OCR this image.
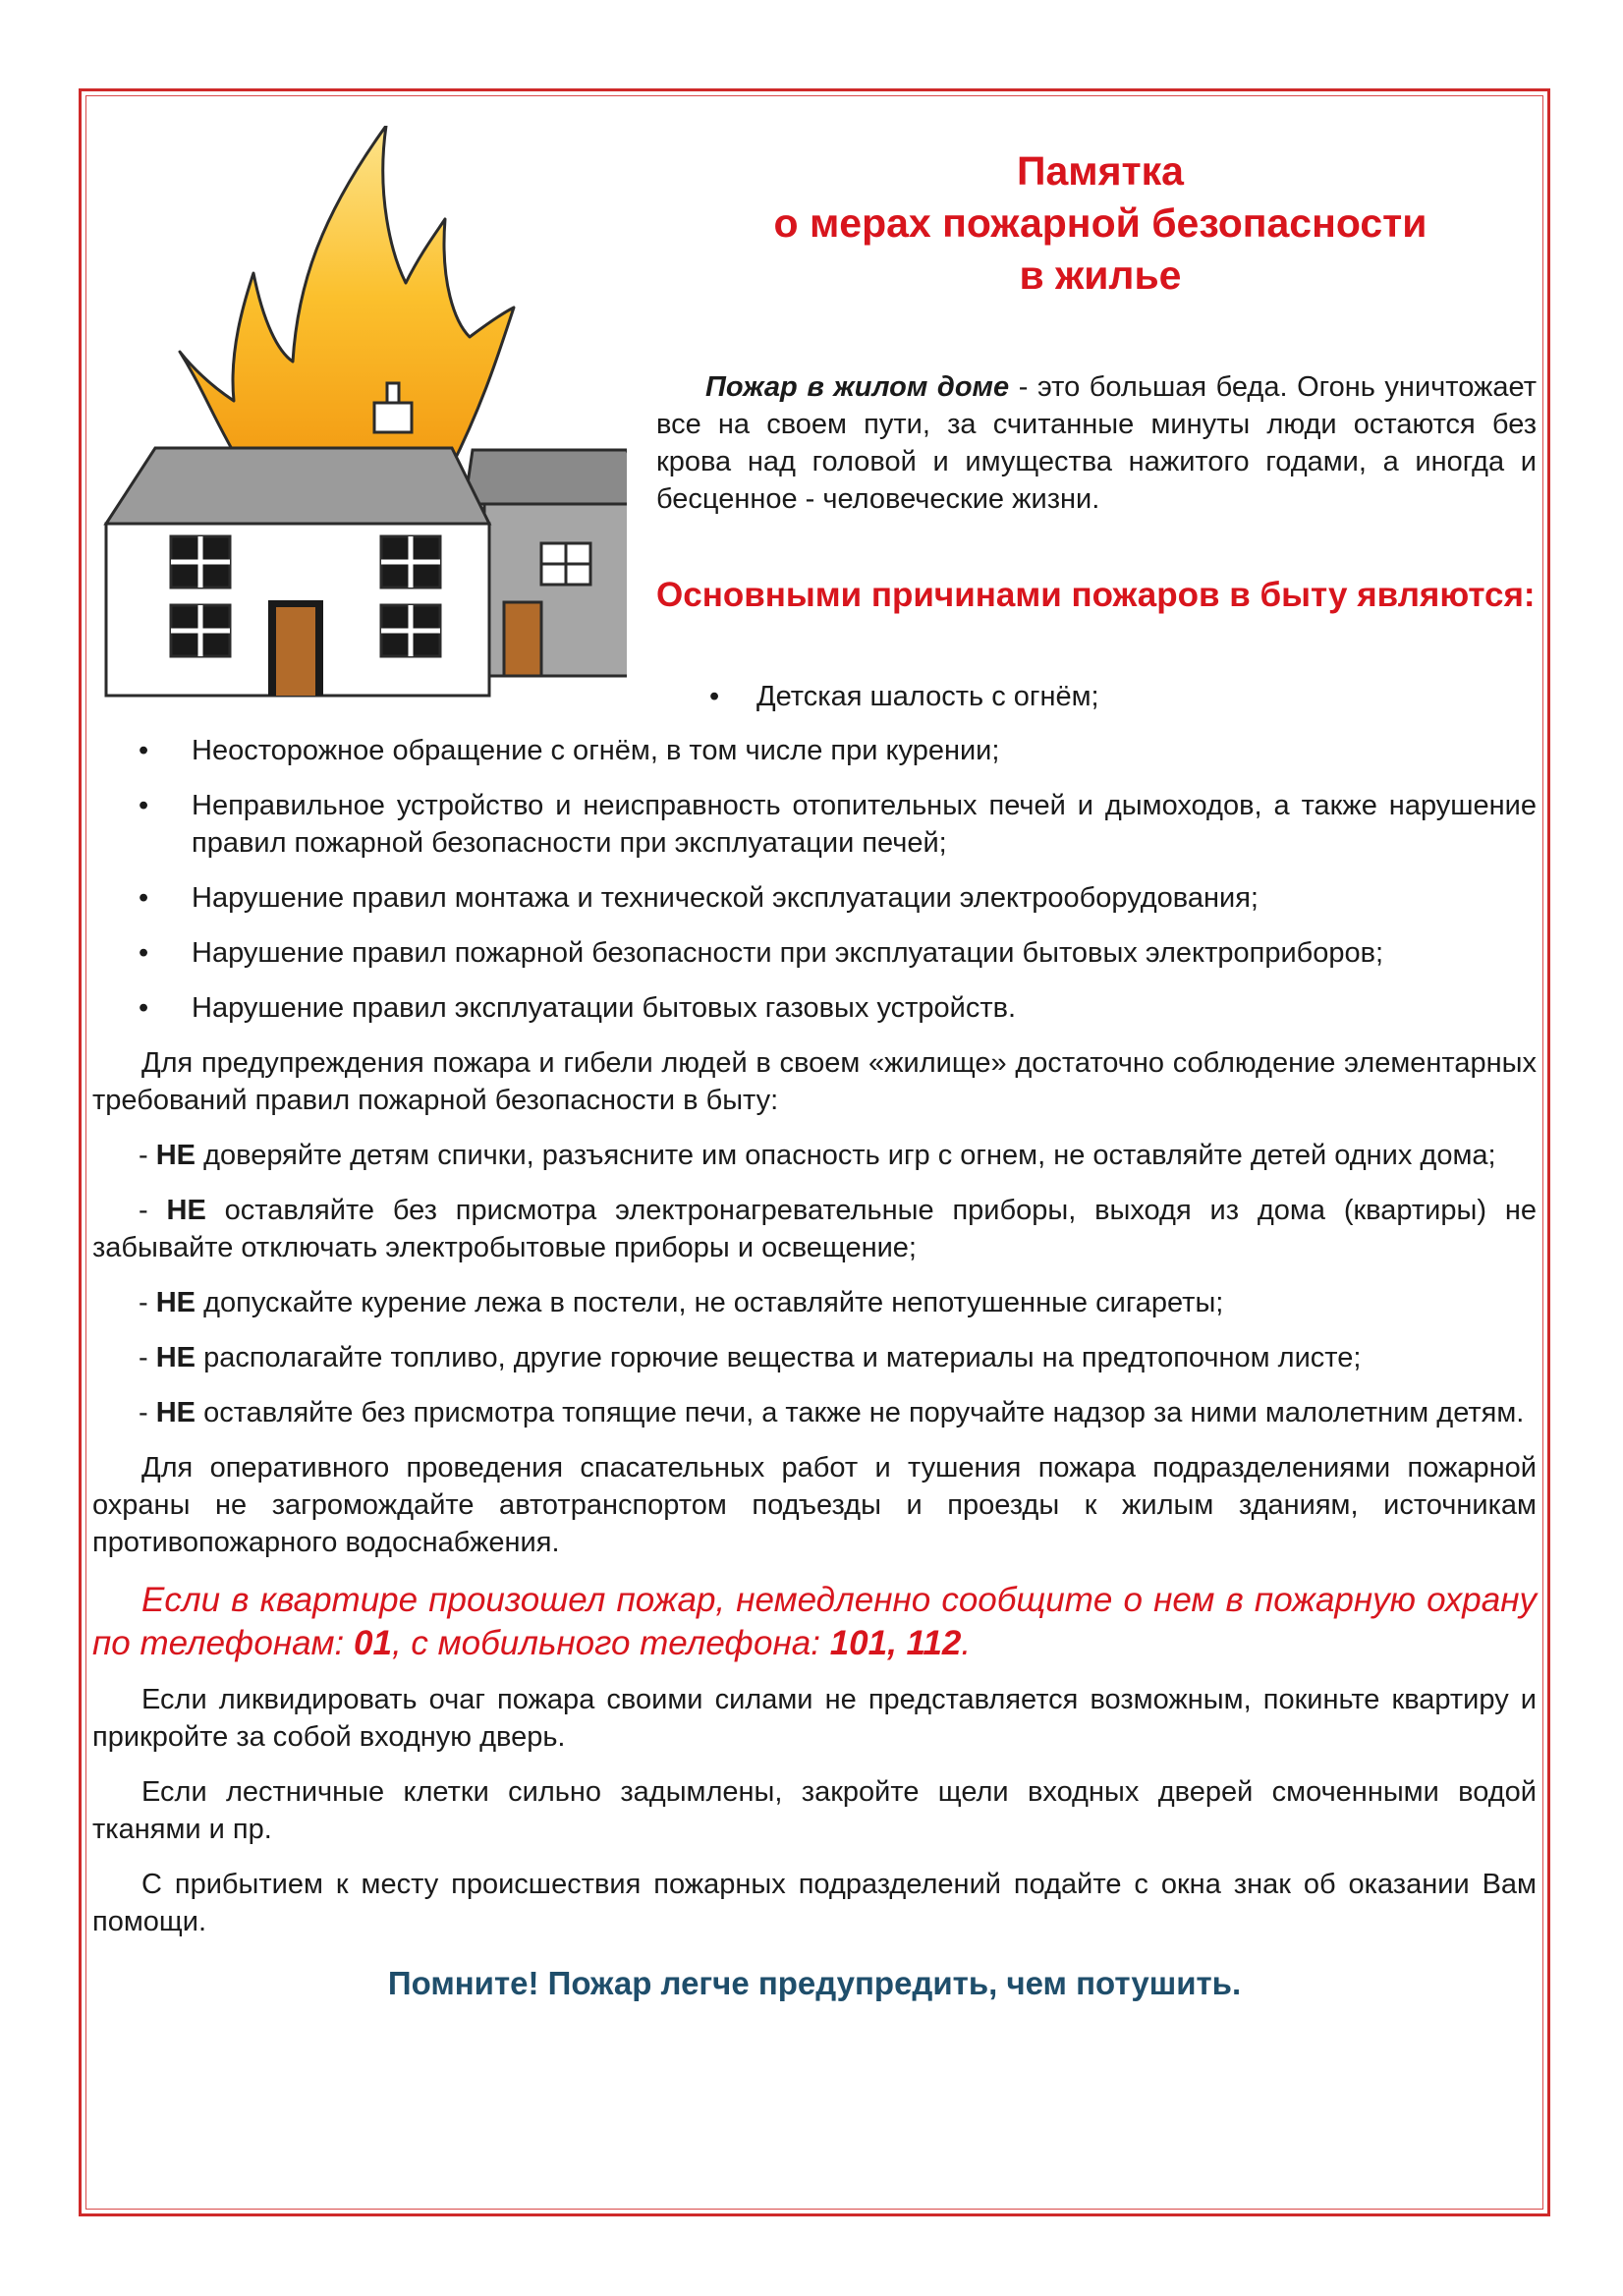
Памятка
о мерах пожарной безопасности
в жилье
Пожар в жилом доме - это большая беда. Огонь уничтожает все на своем пути, за считанные минуты люди остаются без крова над головой и имущества нажитого годами, а иногда и бесценное - человеческие жизни.
Основными причинами пожаров в быту являются:
• Детская шалость с огнём;
•	Неосторожное обращение с огнём, в том числе при курении;
•	Неправильное устройство и неисправность отопительных печей и дымоходов, а также нарушение правил пожарной безопасности при эксплуатации печей;
•	Нарушение правил монтажа и технической эксплуатации электрооборудования;
•	Нарушение правил пожарной безопасности при эксплуатации бытовых электроприборов;
•	Нарушение правил эксплуатации бытовых газовых устройств.
Для предупреждения пожара и гибели людей в своем «жилище» достаточно соблюдение элементарных требований правил пожарной безопасности в быту:
- НЕ доверяйте детям спички, разъясните им опасность игр с огнем, не оставляйте детей одних дома;
- НЕ оставляйте без присмотра электронагревательные приборы, выходя из дома (квартиры) не забывайте отключать электробытовые приборы и освещение;
- НЕ допускайте курение лежа в постели, не оставляйте непотушенные сигареты;
- НЕ располагайте топливо, другие горючие вещества и материалы на предтопочном листе;
- НЕ оставляйте без присмотра топящие печи, а также не поручайте надзор за ними малолетним детям.
Для оперативного проведения спасательных работ и тушения пожара подразделениями пожарной охраны не загромождайте автотранспортом подъезды и проезды к жилым зданиям, источникам противопожарного водоснабжения.
Если в квартире произошел пожар, немедленно сообщите о нем в пожарную охрану по телефонам: 01, с мобильного телефона: 101, 112.
Если ликвидировать очаг пожара своими силами не представляется возможным, покиньте квартиру и прикройте за собой входную дверь.
Если лестничные клетки сильно задымлены, закройте щели входных дверей смоченными водой тканями и пр.
С прибытием к месту происшествия пожарных подразделений подайте с окна знак об оказании Вам помощи.
Помните! Пожар легче предупредить, чем потушить.
